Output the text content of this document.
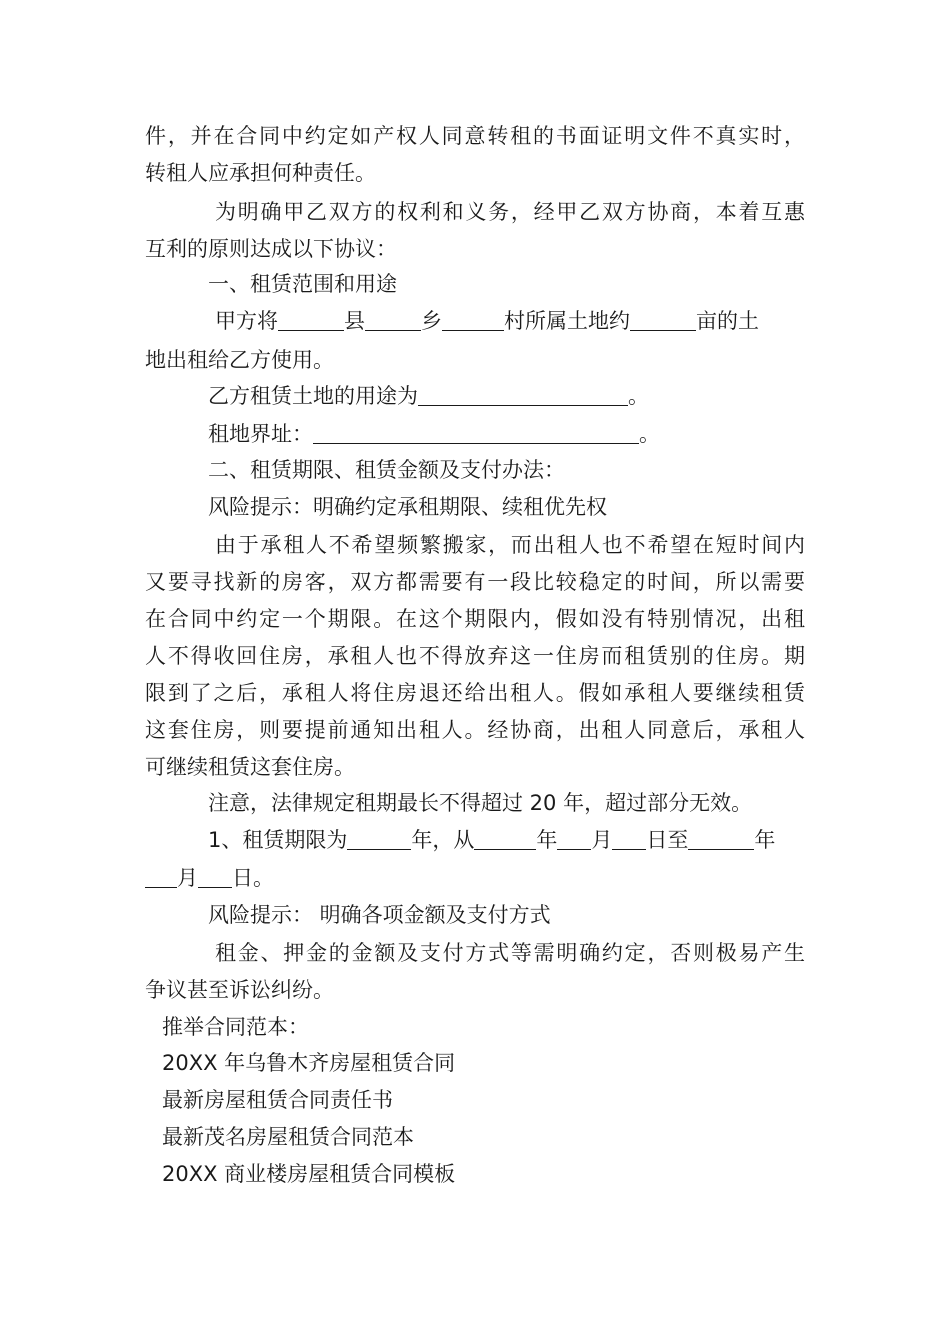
件，并在合同中约定如产权人同意转租的书面证明文件不真实时，
转租人应承担何种责任。
为明确甲乙双方的权利和义务，经甲乙双方协商，本着互惠
互利的原则达成以下协议：
一、租赁范围和用途
甲方将	县	乡	村所属土地约	亩的土
地出租给乙方使用。
乙方租赁土地的用途为	。
租地界址：	。
二、租赁期限、租赁金额及支付办法：
风险提示：明确约定承租期限、续租优先权
由于承租人不希望频繁搬家，而出租人也不希望在短时间内
又要寻找新的房客，双方都需要有一段比较稳定的时间，所以需要
在合同中约定一个期限。在这个期限内，假如没有特别情况，出租
人不得收回住房，承租人也不得放弃这一住房而租赁别的住房。期
限到了之后，承租人将住房退还给出租人。假如承租人要继续租赁
这套住房，则要提前通知出租人。经协商，出租人同意后，承租人
可继续租赁这套住房。
注意，法律规定租期最长不得超过 20 年，超过部分无效。
1、租赁期限为	年，从	年 月 日至	年
月 日。
风险提示： 明确各项金额及支付方式
租金、押金的金额及支付方式等需明确约定，否则极易产生
争议甚至诉讼纠纷。
推举合同范本：
20XX 年乌鲁木齐房屋租赁合同
最新房屋租赁合同责任书
最新茂名房屋租赁合同范本
20XX 商业楼房屋租赁合同模板
